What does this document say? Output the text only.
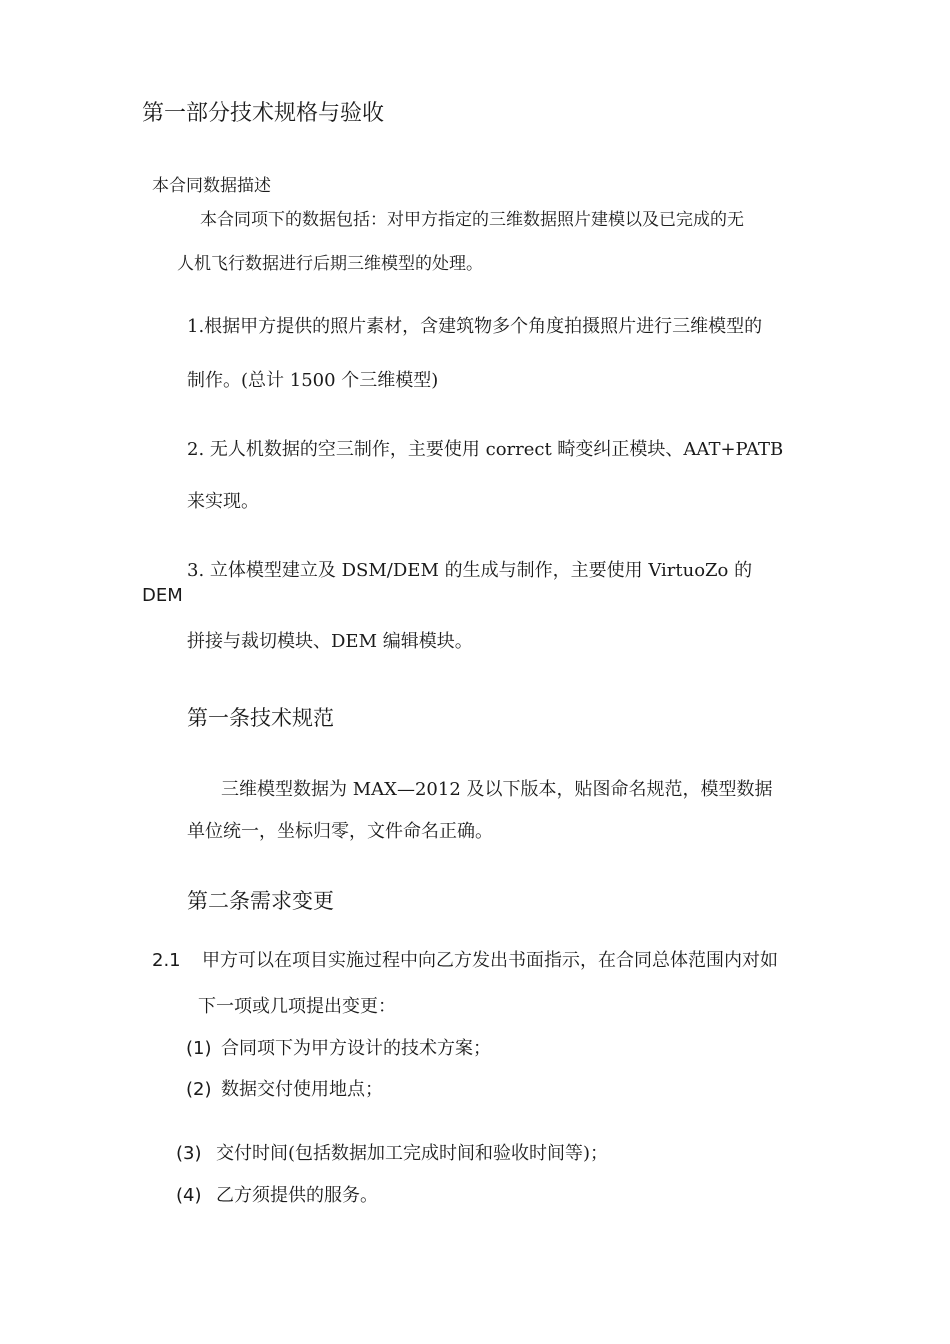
第一部分技术规格与验收
本合同数据描述
本合同项下的数据包括：对甲方指定的三维数据照片建模以及已完成的无
人机飞行数据进行后期三维模型的处理。
1.根据甲方提供的照片素材，含建筑物多个角度拍摄照片进行三维模型的
制作。(总计 1500 个三维模型)
2. 无人机数据的空三制作，主要使用 correct 畸变纠正模块、AAT+PATB
来实现。
3. 立体模型建立及 DSM/DEM 的生成与制作，主要使用 VirtuoZo 的
DEM
拼接与裁切模块、DEM 编辑模块。
第一条技术规范
三维模型数据为 MAX—2012 及以下版本，贴图命名规范，模型数据
单位统一，坐标归零，文件命名正确。
第二条需求变更
2.1 甲方可以在项目实施过程中向乙方发出书面指示，在合同总体范围内对如
下一项或几项提出变更：
(1) 合同项下为甲方设计的技术方案；
(2) 数据交付使用地点；
(3) 交付时间(包括数据加工完成时间和验收时间等)；
(4) 乙方须提供的服务。
